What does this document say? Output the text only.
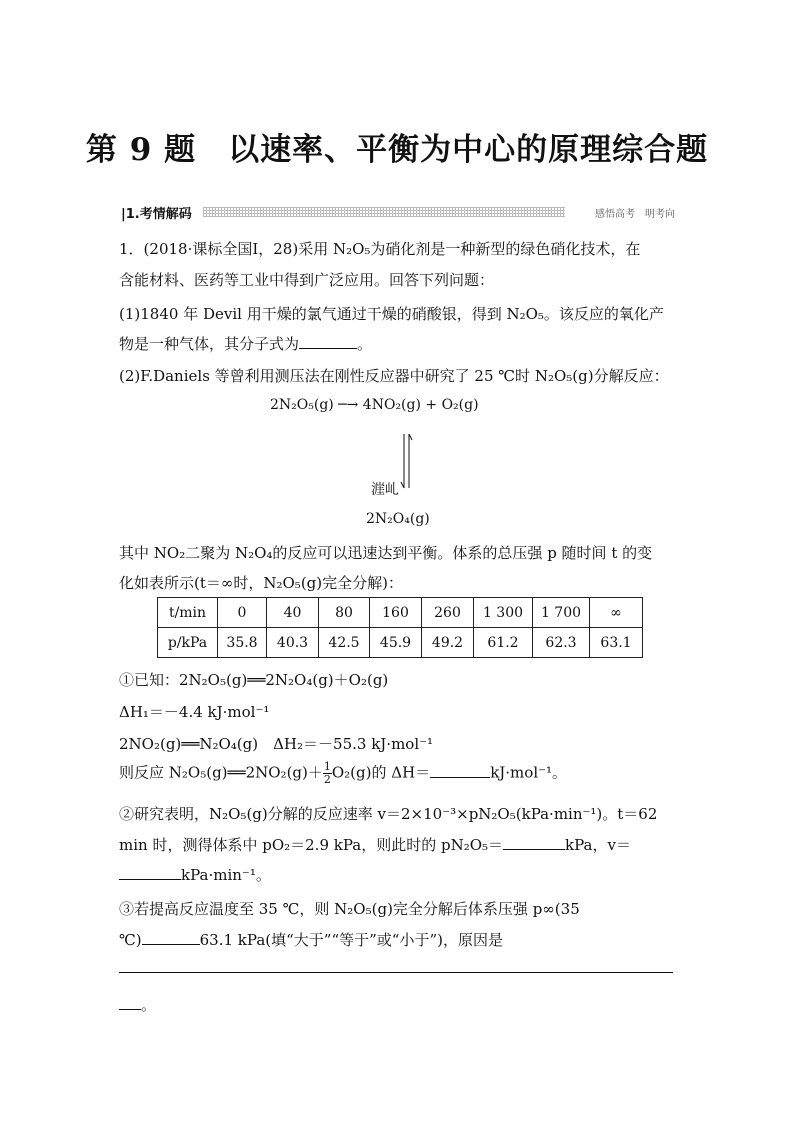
第 9 题　以速率、平衡为中心的原理综合题
|1.考情解码	感悟高考　明考向
1．(2018·课标全国Ⅰ，28)采用 N₂O₅为硝化剂是一种新型的绿色硝化技术，在
含能材料、医药等工业中得到广泛应用。回答下列问题：
(1)1840 年 Devil 用干燥的氯气通过干燥的硝酸银，得到 N₂O₅。该反应的氧化产
物是一种气体，其分子式为	。
(2)F.Daniels 等曾利用测压法在刚性反应器中研究了 25 ℃时 N₂O₅(g)分解反应：
2N₂O₅(g) ─→ 4NO₂(g) + O₂(g)
漄乢
2N₂O₄(g)
其中 NO₂二聚为 N₂O₄的反应可以迅速达到平衡。体系的总压强 p 随时间 t 的变
化如表所示(t＝∞时，N₂O₅(g)完全分解)：
t/min	0	40	80	160	260	1 300	1 700	∞
p/kPa	35.8	40.3	42.5	45.9	49.2	61.2	62.3	63.1
①已知：2N₂O₅(g)══2N₂O₄(g)＋O₂(g)
ΔH₁＝－4.4 kJ·mol⁻¹
2NO₂(g)══N₂O₄(g)　ΔH₂＝－55.3 kJ·mol⁻¹
则反应 N₂O₅(g)══2NO₂(g)＋ $\frac{1}{2} O_2(g)$的 ΔH＝	kJ·mol⁻¹。
②研究表明，N₂O₅(g)分解的反应速率 v＝2×10⁻³×pN₂O₅(kPa·min⁻¹)。t＝62
min 时，测得体系中 pO₂＝2.9 kPa，则此时的 pN₂O₅＝	kPa，v＝
kPa·min⁻¹。
③若提高反应温度至 35 ℃，则 N₂O₅(g)完全分解后体系压强 p∞(35
℃)	63.1 kPa(填“大于”“等于”或“小于”)，原因是
。
